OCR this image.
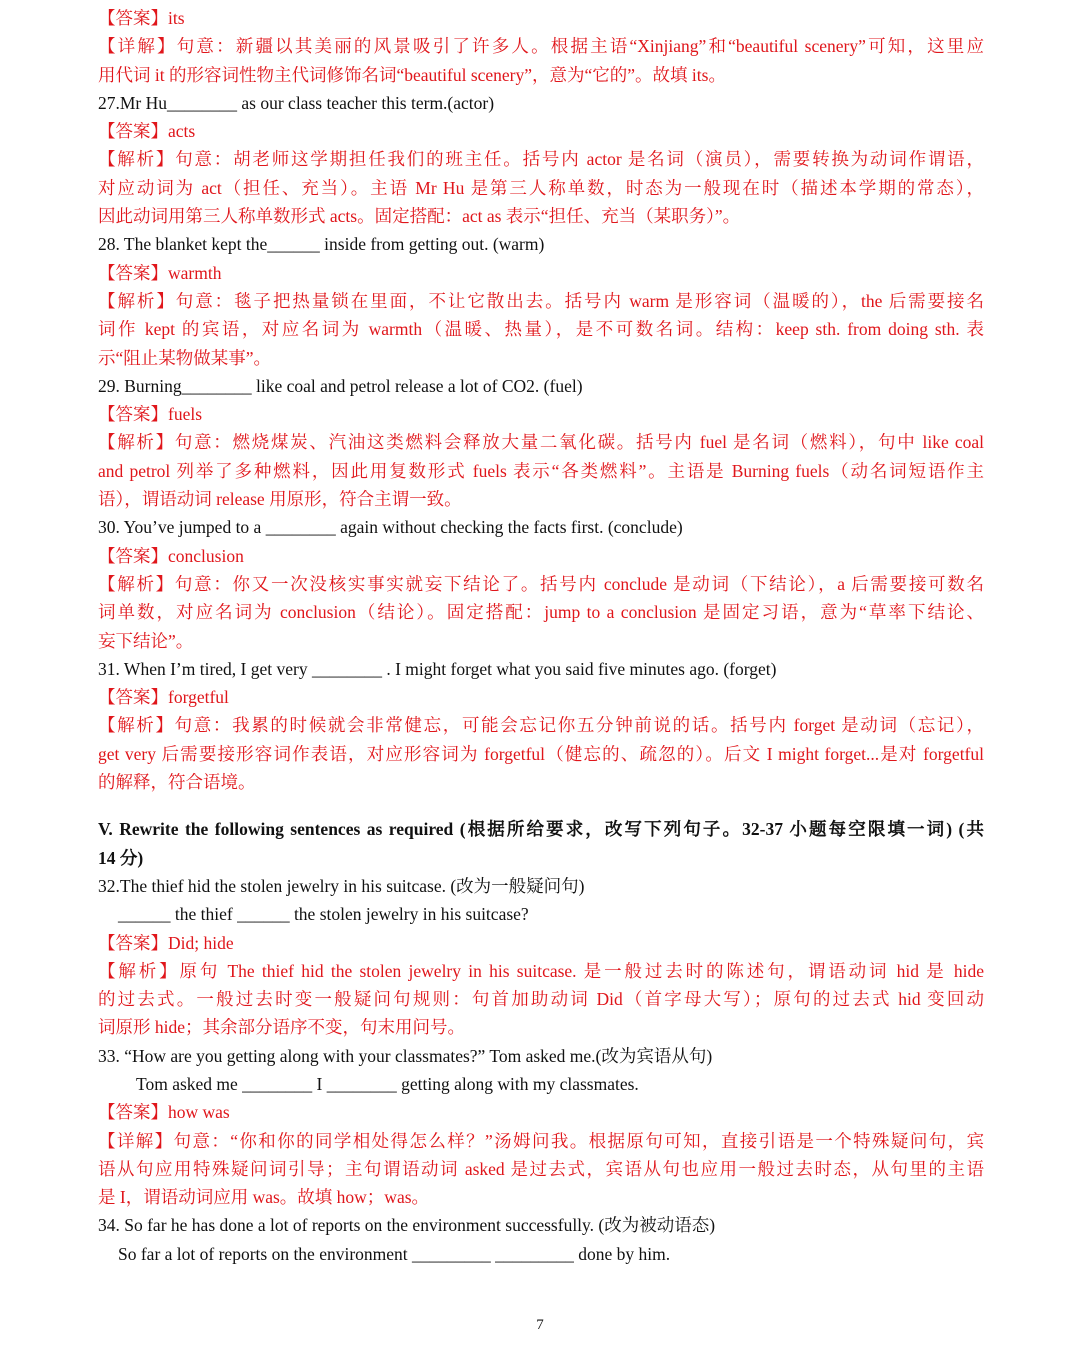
【答案】its
【详解】句意：新疆以其美丽的风景吸引了许多人。根据主语“Xinjiang”和“beautiful scenery”可知，这里应
用代词 it 的形容词性物主代词修饰名词“beautiful scenery”，意为“它的”。故填 its。
27.Mr Hu________ as our class teacher this term.(actor)
【答案】acts
【解析】句意：胡老师这学期担任我们的班主任。括号内 actor 是名词（演员），需要转换为动词作谓语，
对应动词为 act（担任、充当）。主语 Mr Hu 是第三人称单数，时态为一般现在时（描述本学期的常态），
因此动词用第三人称单数形式 acts。固定搭配：act as 表示“担任、充当（某职务）”。
28. The blanket kept the______ inside from getting out. (warm)
【答案】warmth
【解析】句意：毯子把热量锁在里面，不让它散出去。括号内 warm 是形容词（温暖的），the 后需要接名
词作 kept 的宾语，对应名词为 warmth（温暖、热量），是不可数名词。结构：keep sth. from doing sth. 表
示“阻止某物做某事”。
29. Burning________ like coal and petrol release a lot of CO2. (fuel)
【答案】fuels
【解析】句意：燃烧煤炭、汽油这类燃料会释放大量二氧化碳。括号内 fuel 是名词（燃料），句中 like coal
and petrol 列举了多种燃料，因此用复数形式 fuels 表示“各类燃料”。主语是 Burning fuels（动名词短语作主
语），谓语动词 release 用原形，符合主谓一致。
30. You’ve jumped to a ________ again without checking the facts first. (conclude)
【答案】conclusion
【解析】句意：你又一次没核实事实就妄下结论了。括号内 conclude 是动词（下结论），a 后需要接可数名
词单数，对应名词为 conclusion（结论）。固定搭配：jump to a conclusion 是固定习语，意为“草率下结论、
妄下结论”。
31. When I’m tired, I get very ________ . I might forget what you said five minutes ago. (forget)
【答案】forgetful
【解析】句意：我累的时候就会非常健忘，可能会忘记你五分钟前说的话。括号内 forget 是动词（忘记），
get very 后需要接形容词作表语，对应形容词为 forgetful（健忘的、疏忽的）。后文 I might forget...是对 forgetful
的解释，符合语境。
V. Rewrite the following sentences as required (根据所给要求，改写下列句子。32-37 小题每空限填一词) (共
14 分)
32.The thief hid the stolen jewelry in his suitcase. (改为一般疑问句)
______ the thief ______ the stolen jewelry in his suitcase?
【答案】Did; hide
【解析】原句 The thief hid the stolen jewelry in his suitcase. 是一般过去时的陈述句，谓语动词 hid 是 hide
的过去式。一般过去时变一般疑问句规则：句首加助动词 Did（首字母大写）；原句的过去式 hid 变回动
词原形 hide；其余部分语序不变，句末用问号。
33. “How are you getting along with your classmates?” Tom asked me.(改为宾语从句)
Tom asked me ________ I ________ getting along with my classmates.
【答案】how was
【详解】句意：“你和你的同学相处得怎么样？”汤姆问我。根据原句可知，直接引语是一个特殊疑问句，宾
语从句应用特殊疑问词引导；主句谓语动词 asked 是过去式，宾语从句也应用一般过去时态，从句里的主语
是 I，谓语动词应用 was。故填 how；was。
34. So far he has done a lot of reports on the environment successfully. (改为被动语态)
So far a lot of reports on the environment _________ _________ done by him.
7
